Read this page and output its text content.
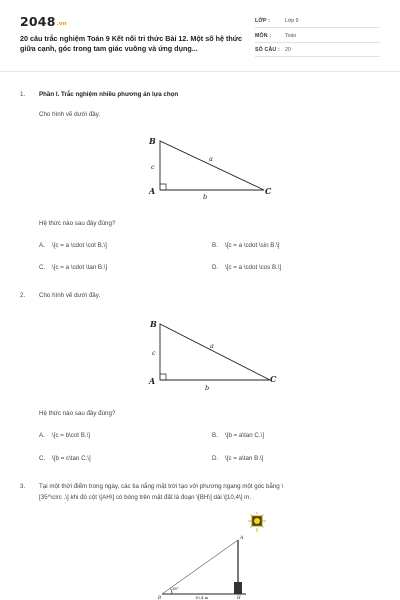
2048.vn
20 câu trắc nghiệm Toán 9 Kết nối tri thức Bài 12. Một số hệ thức giữa cạnh, góc trong tam giác vuông và ứng dụng...
LỚP :	Lớp 9
MÔN :	Toán
SỐ CÂU : 20
1. Phần I. Trắc nghiệm nhiều phương án lựa chọn
Cho hình vẽ dưới đây.
B
A	C
c
a
b
Hệ thức nào sau đây đúng?
A. \[c = a \cdot \cot B.\]	B. \[c = a \cdot \sin B.\]
C. \[c = a \cdot \tan B.\]	D. \[c = a \cdot \cos B.\]
2. Cho hình vẽ dưới đây.
B
A	C
c
a
b
Hệ thức nào sau đây đúng?
A. \[c = b\cot B.\]	B. \[b = a\tan C.\]
C. \[b = c\tan C.\]	D. \[c = a\tan B.\]
3. Tại một thời điểm trong ngày, các tia nắng mặt trời tạo với phương ngang một góc bằng \
[35^\circ .\] khi đó cột \[AH\] có bóng trên mặt đất là đoạn \[BH\] dài \[10,4\] m.
A
38°
B	H
10,4 m
